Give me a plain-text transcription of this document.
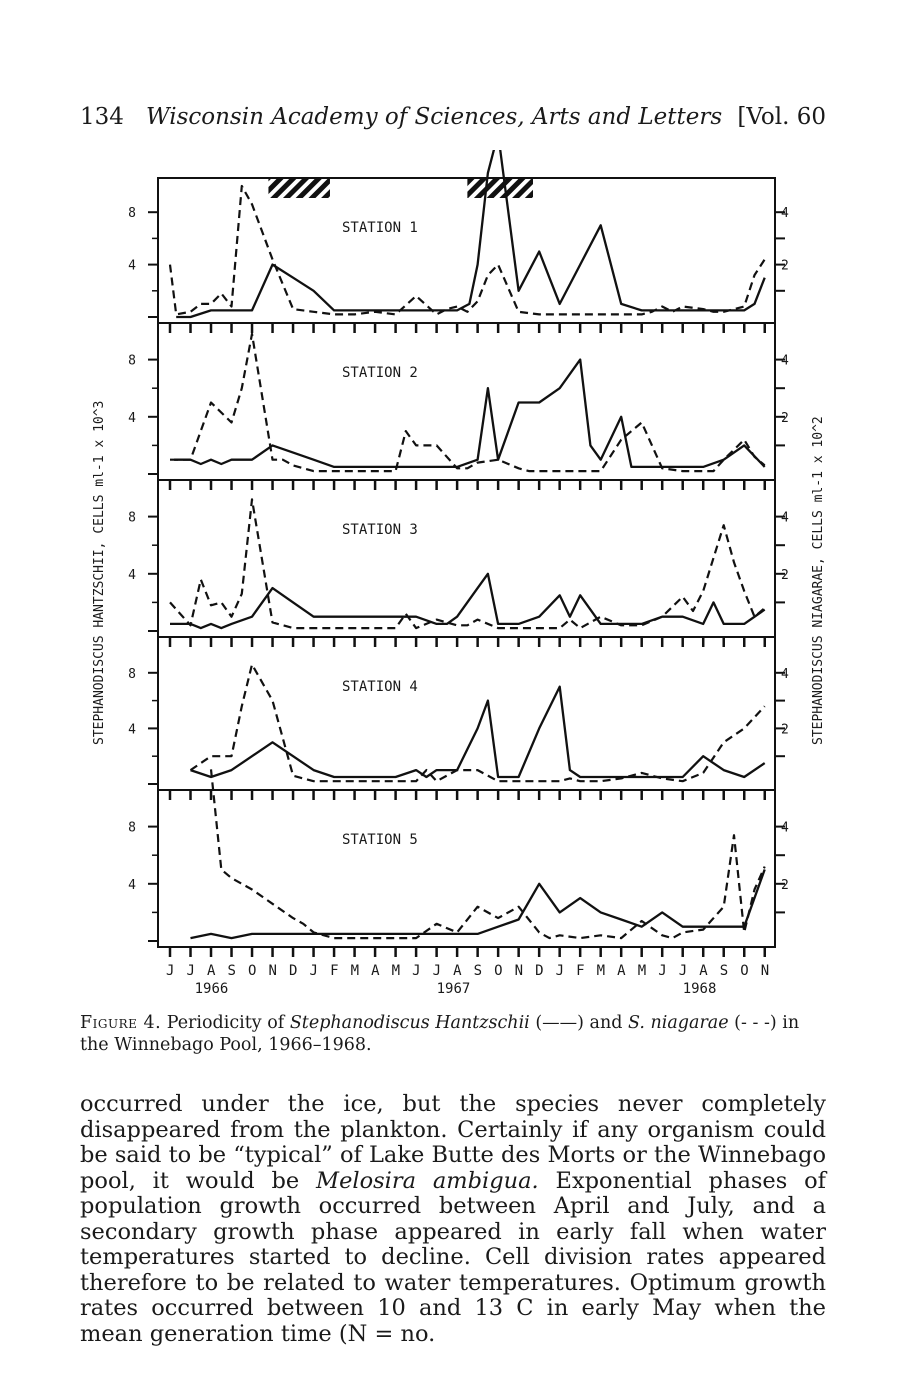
134 Wisconsin Academy of Sciences, Arts and Letters [Vol. 60
STEPHANODISCUS HANTZSCHII, CELLS ml-1 x 10^3	STEPHANODISCUS NIAGARAE, CELLS ml-1 x 10^2
4
8
2
4
STATION 1
4
8
2
4
STATION 2
4
8
2
4
STATION 3
4
8
2
4
STATION 4
4
8
2
4
STATION 5
J J A S O N D J F M A M J J A S O N D J F M A M J J A S O N
1966	1967	1968
Figure 4. Periodicity of Stephanodiscus Hantzschii (——) and S. niagarae (- - -) in the Winnebago Pool, 1966–1968.

occurred under the ice, but the species never completely disappeared from the plankton. Certainly if any organism could be said to be “typical” of Lake Butte des Morts or the Winnebago pool, it would be Melosira ambigua. Exponential phases of population growth occurred between April and July, and a secondary growth phase appeared in early fall when water temperatures started to decline. Cell division rates appeared therefore to be related to water temperatures. Optimum growth rates occurred between 10 and 13 C in early May when the mean generation time (N = no.
